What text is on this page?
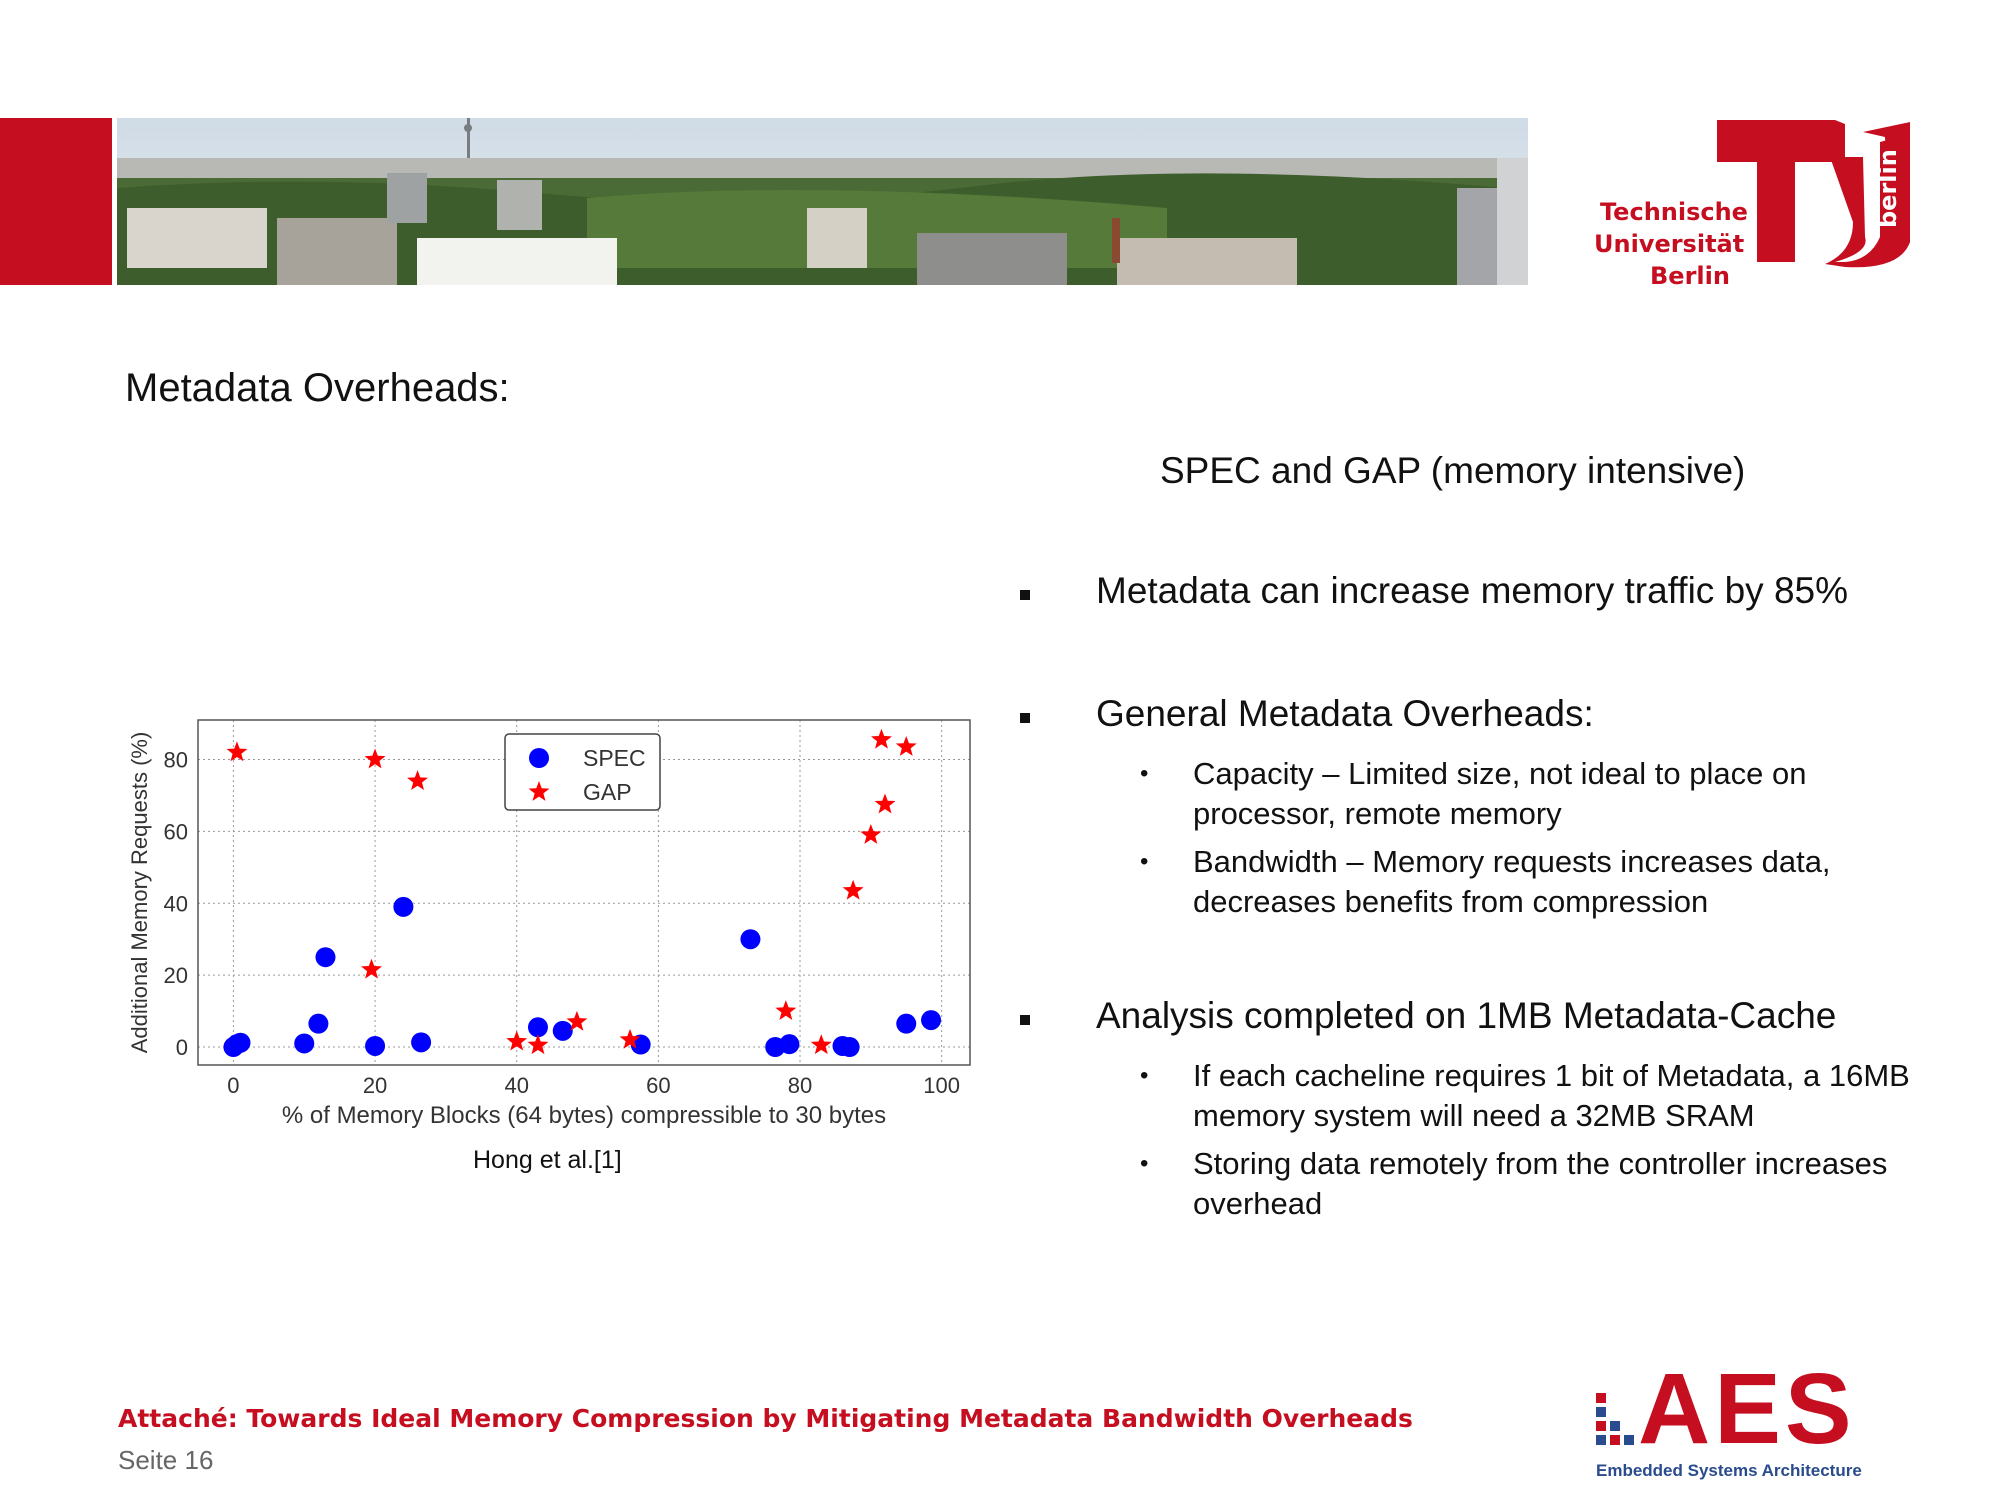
Technische
Universität
Berlin
berlin
Metadata Overheads:
SPEC and GAP (memory intensive)
Metadata can increase memory traffic by 85%
General Metadata Overheads:
• Capacity – Limited size, not ideal to place on processor, remote memory
• Bandwidth – Memory requests increases data, decreases benefits from compression
Analysis completed on 1MB Metadata-Cache
• If each cacheline requires 1 bit of Metadata, a 16MB memory system will need a 32MB SRAM
• Storing data remotely from the controller increases overhead
0	20	40	60	80	100
0
20
40
60
80
% of Memory Blocks (64 bytes) compressible to 30 bytes
Additional Memory Requests (%)	SPEC
GAP
Hong et al.[1]
Attaché: Towards Ideal Memory Compression by Mitigating Metadata Bandwidth Overheads
Seite 16	AES
Embedded Systems Architecture
